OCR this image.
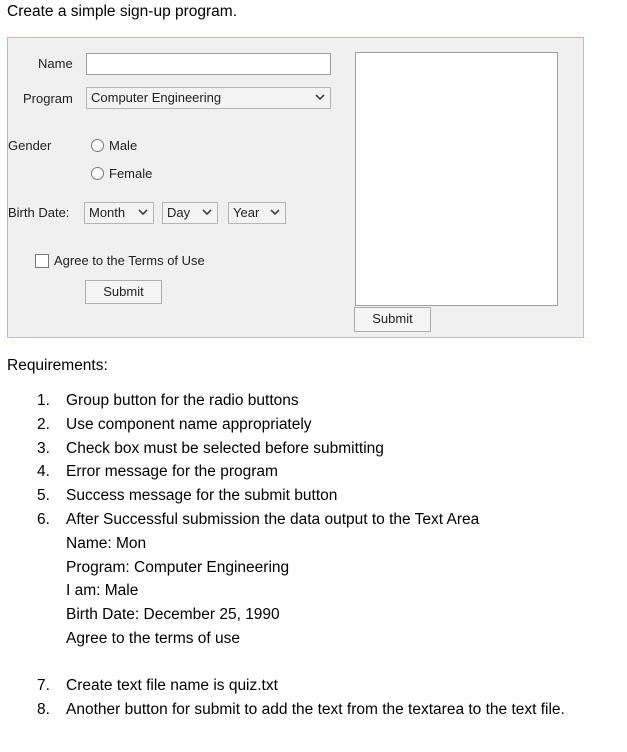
Create a simple sign-up program.
Name
Program	Computer Engineering
Gender	Male
Female
Birth Date:	Month	Day	Year
Agree to the Terms of Use
Submit
Submit
Requirements:
1. Group button for the radio buttons
2. Use component name appropriately
3. Check box must be selected before submitting
4. Error message for the program
5. Success message for the submit button
6. After Successful submission the data output to the Text Area
Name: Mon
Program: Computer Engineering
I am: Male
Birth Date: December 25, 1990
Agree to the terms of use
7. Create text file name is quiz.txt
8. Another button for submit to add the text from the textarea to the text file.
